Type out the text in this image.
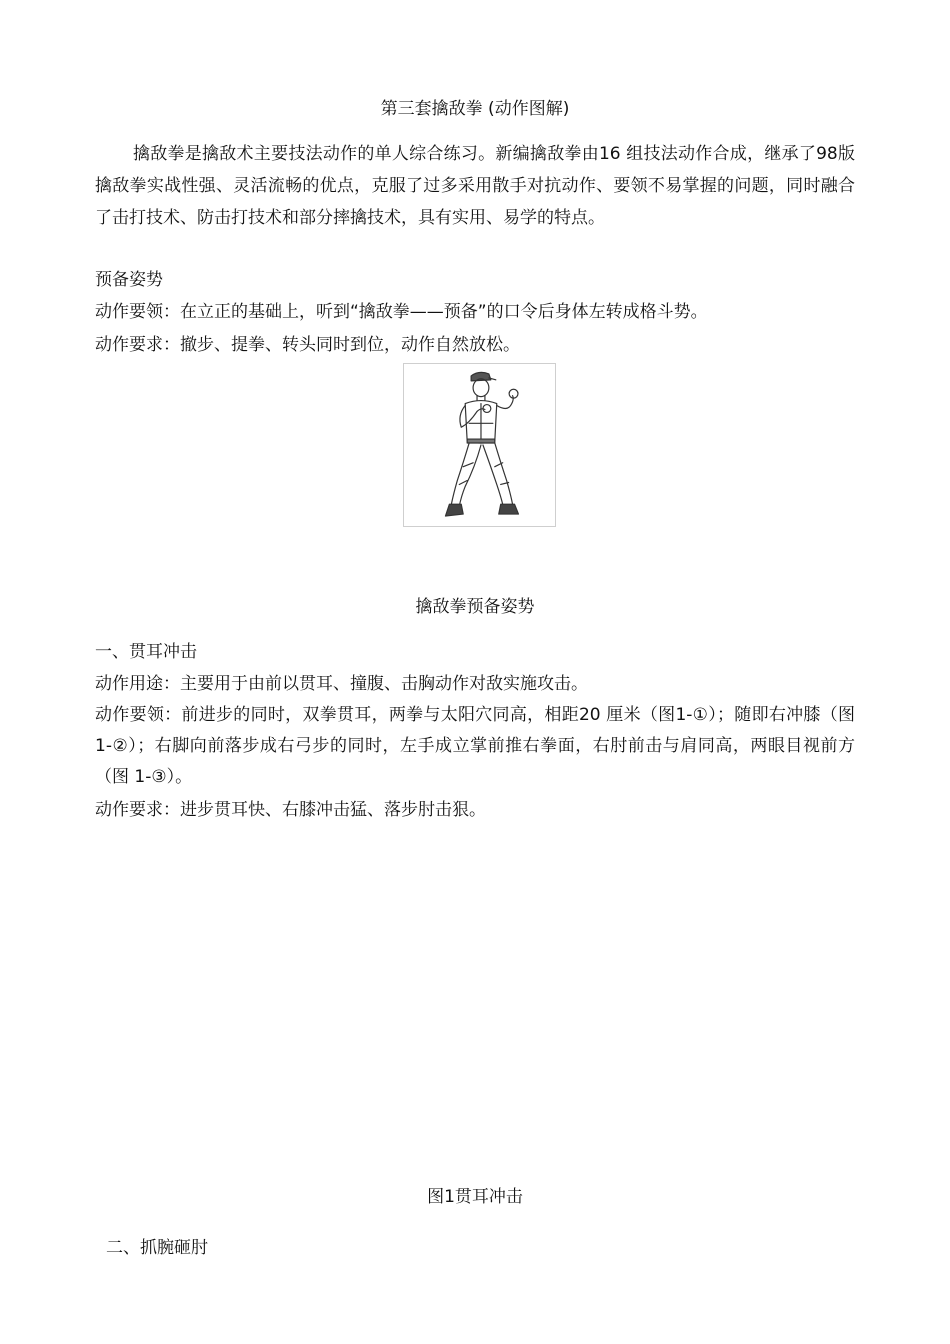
第三套擒敌拳 (动作图解)
擒敌拳是擒敌术主要技法动作的单人综合练习。新编擒敌拳由16 组技法动作合成，继承了98版擒敌拳实战性强、灵活流畅的优点，克服了过多采用散手对抗动作、要领不易掌握的问题，同时融合了击打技术、防击打技术和部分摔擒技术，具有实用、易学的特点。
预备姿势
动作要领：在立正的基础上，听到“擒敌拳——预备”的口令后身体左转成格斗势。
动作要求：撤步、提拳、转头同时到位，动作自然放松。
擒敌拳预备姿势
一、贯耳冲击
动作用途：主要用于由前以贯耳、撞腹、击胸动作对敌实施攻击。
动作要领：前进步的同时，双拳贯耳，两拳与太阳穴同高，相距20 厘米（图1-①）；随即右冲膝（图1-②）；右脚向前落步成右弓步的同时，左手成立掌前推右拳面，右肘前击与肩同高，两眼目视前方（图 1-③）。
动作要求：进步贯耳快、右膝冲击猛、落步肘击狠。
图1贯耳冲击
二、抓腕砸肘
